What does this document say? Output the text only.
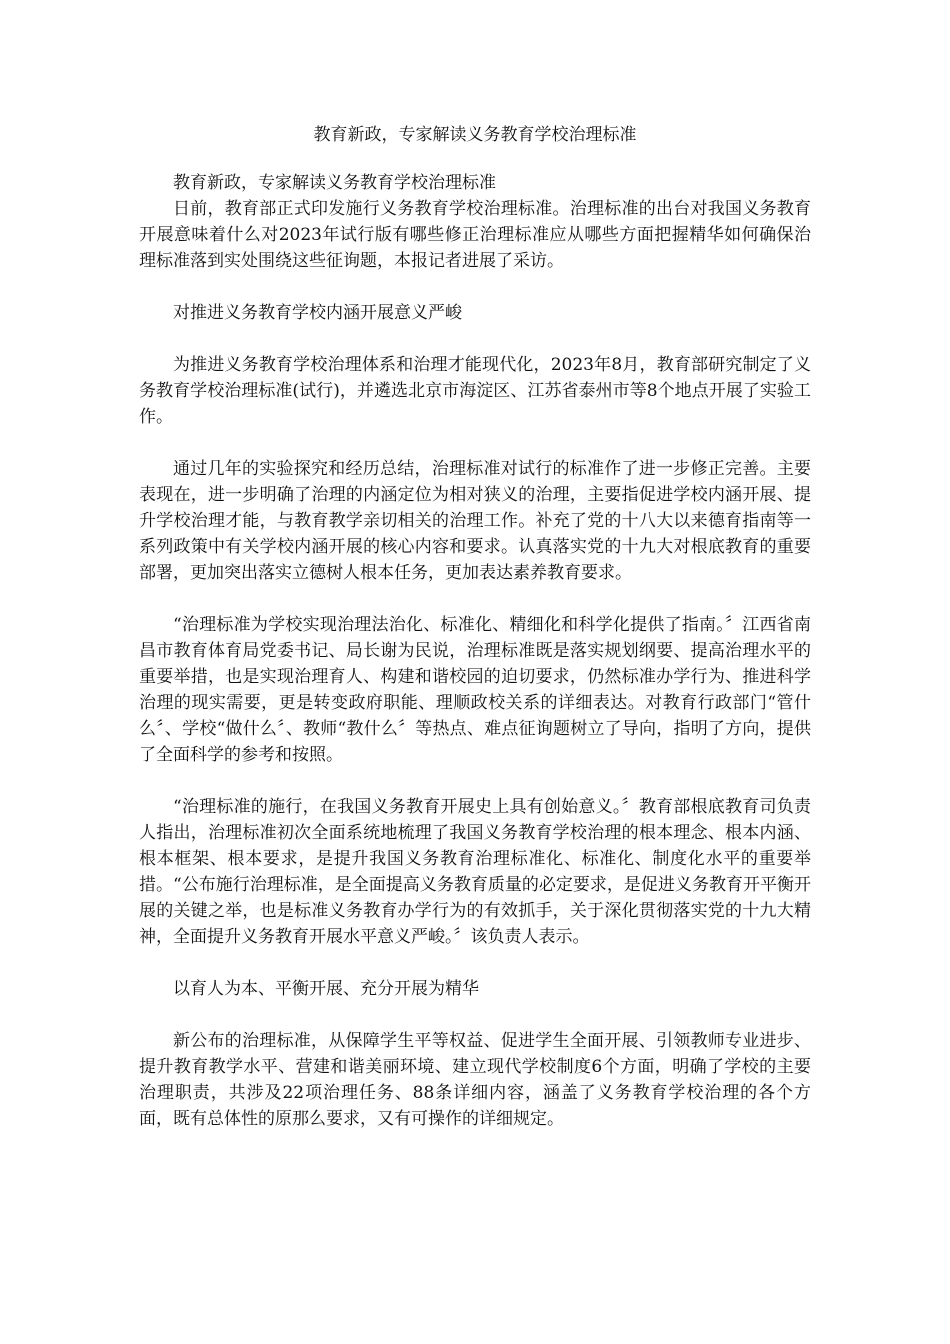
教育新政，专家解读义务教育学校治理标准

教育新政，专家解读义务教育学校治理标准

日前，教育部正式印发施行义务教育学校治理标准。治理标准的出台对我国义务教育开展意味着什么对2023年试行版有哪些修正治理标准应从哪些方面把握精华如何确保治理标准落到实处围绕这些征询题，本报记者进展了采访。

对推进义务教育学校内涵开展意义严峻

为推进义务教育学校治理体系和治理才能现代化，2023年8月，教育部研究制定了义务教育学校治理标准(试行)，并遴选北京市海淀区、江苏省泰州市等8个地点开展了实验工作。

通过几年的实验探究和经历总结，治理标准对试行的标准作了进一步修正完善。主要表现在，进一步明确了治理的内涵定位为相对狭义的治理，主要指促进学校内涵开展、提升学校治理才能，与教育教学亲切相关的治理工作。补充了党的十八大以来德育指南等一系列政策中有关学校内涵开展的核心内容和要求。认真落实党的十九大对根底教育的重要部署，更加突出落实立德树人根本任务，更加表达素养教育要求。

“治理标准为学校实现治理法治化、标准化、精细化和科学化提供了指南。〞江西省南昌市教育体育局党委书记、局长谢为民说，治理标准既是落实规划纲要、提高治理水平的重要举措，也是实现治理育人、构建和谐校园的迫切要求，仍然标准办学行为、推进科学治理的现实需要，更是转变政府职能、理顺政校关系的详细表达。对教育行政部门“管什么〞、学校“做什么〞、教师“教什么〞等热点、难点征询题树立了导向，指明了方向，提供了全面科学的参考和按照。

“治理标准的施行，在我国义务教育开展史上具有创始意义。〞教育部根底教育司负责人指出，治理标准初次全面系统地梳理了我国义务教育学校治理的根本理念、根本内涵、根本框架、根本要求，是提升我国义务教育治理标准化、标准化、制度化水平的重要举措。“公布施行治理标准，是全面提高义务教育质量的必定要求，是促进义务教育开平衡开展的关键之举，也是标准义务教育办学行为的有效抓手，关于深化贯彻落实党的十九大精神，全面提升义务教育开展水平意义严峻。〞该负责人表示。

以育人为本、平衡开展、充分开展为精华

新公布的治理标准，从保障学生平等权益、促进学生全面开展、引领教师专业进步、提升教育教学水平、营建和谐美丽环境、建立现代学校制度6个方面，明确了学校的主要治理职责，共涉及22项治理任务、88条详细内容，涵盖了义务教育学校治理的各个方面，既有总体性的原那么要求，又有可操作的详细规定。
